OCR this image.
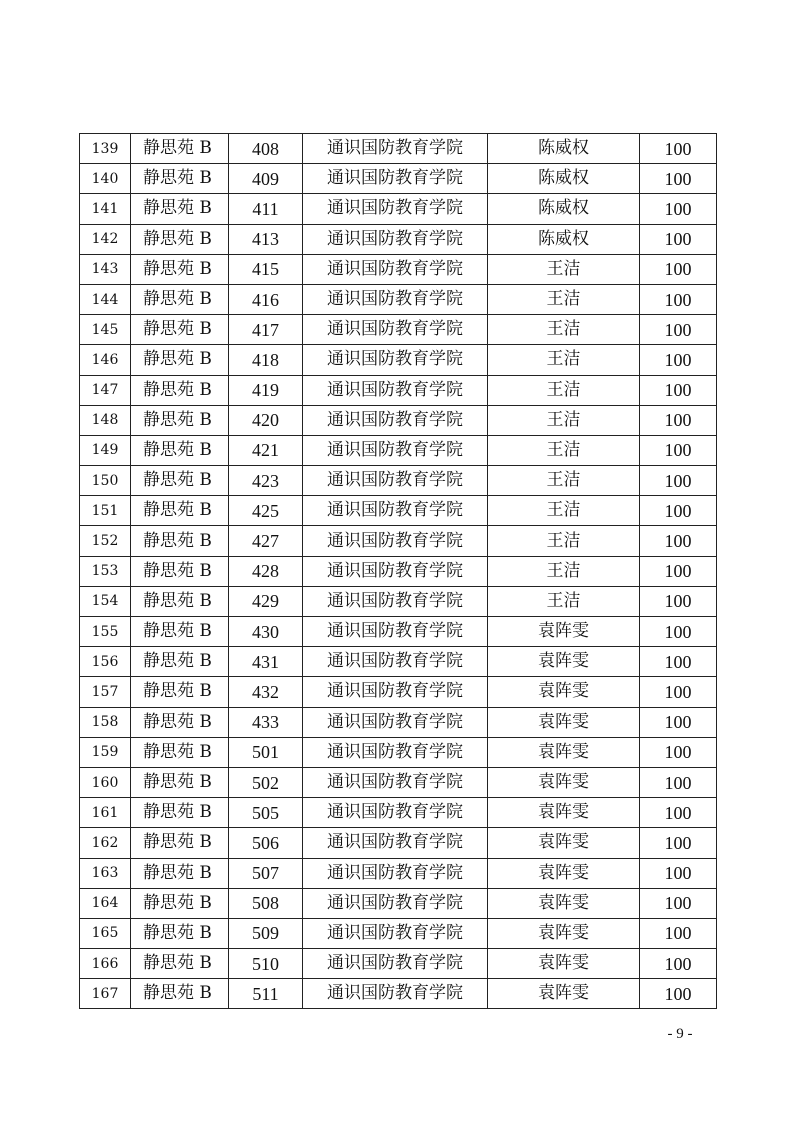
139	静思苑 B	408	通识国防教育学院	陈威权	100
140	静思苑 B	409	通识国防教育学院	陈威权	100
141	静思苑 B	411	通识国防教育学院	陈威权	100
142	静思苑 B	413	通识国防教育学院	陈威权	100
143	静思苑 B	415	通识国防教育学院	王洁	100
144	静思苑 B	416	通识国防教育学院	王洁	100
145	静思苑 B	417	通识国防教育学院	王洁	100
146	静思苑 B	418	通识国防教育学院	王洁	100
147	静思苑 B	419	通识国防教育学院	王洁	100
148	静思苑 B	420	通识国防教育学院	王洁	100
149	静思苑 B	421	通识国防教育学院	王洁	100
150	静思苑 B	423	通识国防教育学院	王洁	100
151	静思苑 B	425	通识国防教育学院	王洁	100
152	静思苑 B	427	通识国防教育学院	王洁	100
153	静思苑 B	428	通识国防教育学院	王洁	100
154	静思苑 B	429	通识国防教育学院	王洁	100
155	静思苑 B	430	通识国防教育学院	袁阵雯	100
156	静思苑 B	431	通识国防教育学院	袁阵雯	100
157	静思苑 B	432	通识国防教育学院	袁阵雯	100
158	静思苑 B	433	通识国防教育学院	袁阵雯	100
159	静思苑 B	501	通识国防教育学院	袁阵雯	100
160	静思苑 B	502	通识国防教育学院	袁阵雯	100
161	静思苑 B	505	通识国防教育学院	袁阵雯	100
162	静思苑 B	506	通识国防教育学院	袁阵雯	100
163	静思苑 B	507	通识国防教育学院	袁阵雯	100
164	静思苑 B	508	通识国防教育学院	袁阵雯	100
165	静思苑 B	509	通识国防教育学院	袁阵雯	100
166	静思苑 B	510	通识国防教育学院	袁阵雯	100
167	静思苑 B	511	通识国防教育学院	袁阵雯	100
- 9 -
